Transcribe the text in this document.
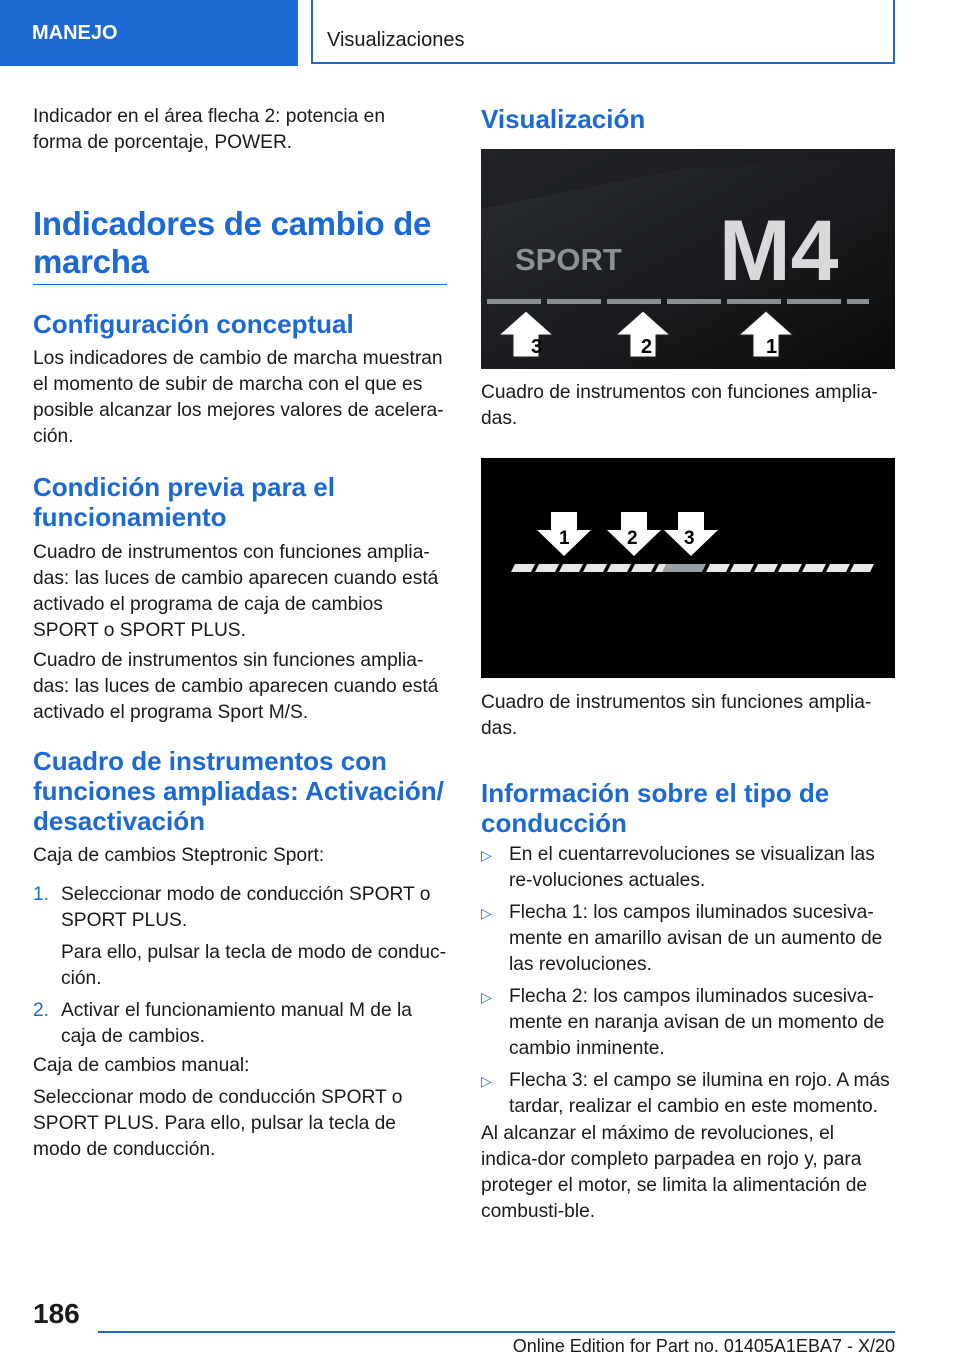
MANEJO	Visualizaciones

Indicador en el área flecha 2: potencia en forma de porcentaje, POWER.

Indicadores de cambio de marcha
Configuración conceptual

Los indicadores de cambio de marcha muestran el momento de subir de marcha con el que es posible alcanzar los mejores valores de acelera-ción.

Condición previa para el funcionamiento

Cuadro de instrumentos con funciones amplia-das: las luces de cambio aparecen cuando está activado el programa de caja de cambios SPORT o SPORT PLUS.

Cuadro de instrumentos sin funciones amplia-das: las luces de cambio aparecen cuando está activado el programa Sport M/S.

Cuadro de instrumentos con funciones ampliadas: Activación/ desactivación

Caja de cambios Steptronic Sport:

1. Seleccionar modo de conducción SPORT o SPORT PLUS.

Para ello, pulsar la tecla de modo de conduc-ción.

2. Activar el funcionamiento manual M de la caja de cambios.

Caja de cambios manual:

Seleccionar modo de conducción SPORT o SPORT PLUS. Para ello, pulsar la tecla de modo de conducción.

Visualización
SPORT M4
3	2	1

Cuadro de instrumentos con funciones amplia-das.

1	2 3

Cuadro de instrumentos sin funciones amplia-das.

Información sobre el tipo de conducción
▷ En el cuentarrevoluciones se visualizan las re-voluciones actuales.

▷ Flecha 1: los campos iluminados sucesiva-mente en amarillo avisan de un aumento de las revoluciones.

▷ Flecha 2: los campos iluminados sucesiva-mente en naranja avisan de un momento de cambio inminente.

▷ Flecha 3: el campo se ilumina en rojo. A más tardar, realizar el cambio en este momento.

Al alcanzar el máximo de revoluciones, el indica-dor completo parpadea en rojo y, para proteger el motor, se limita la alimentación de combusti-ble.

186
Online Edition for Part no. 01405A1EBA7 - X/20
